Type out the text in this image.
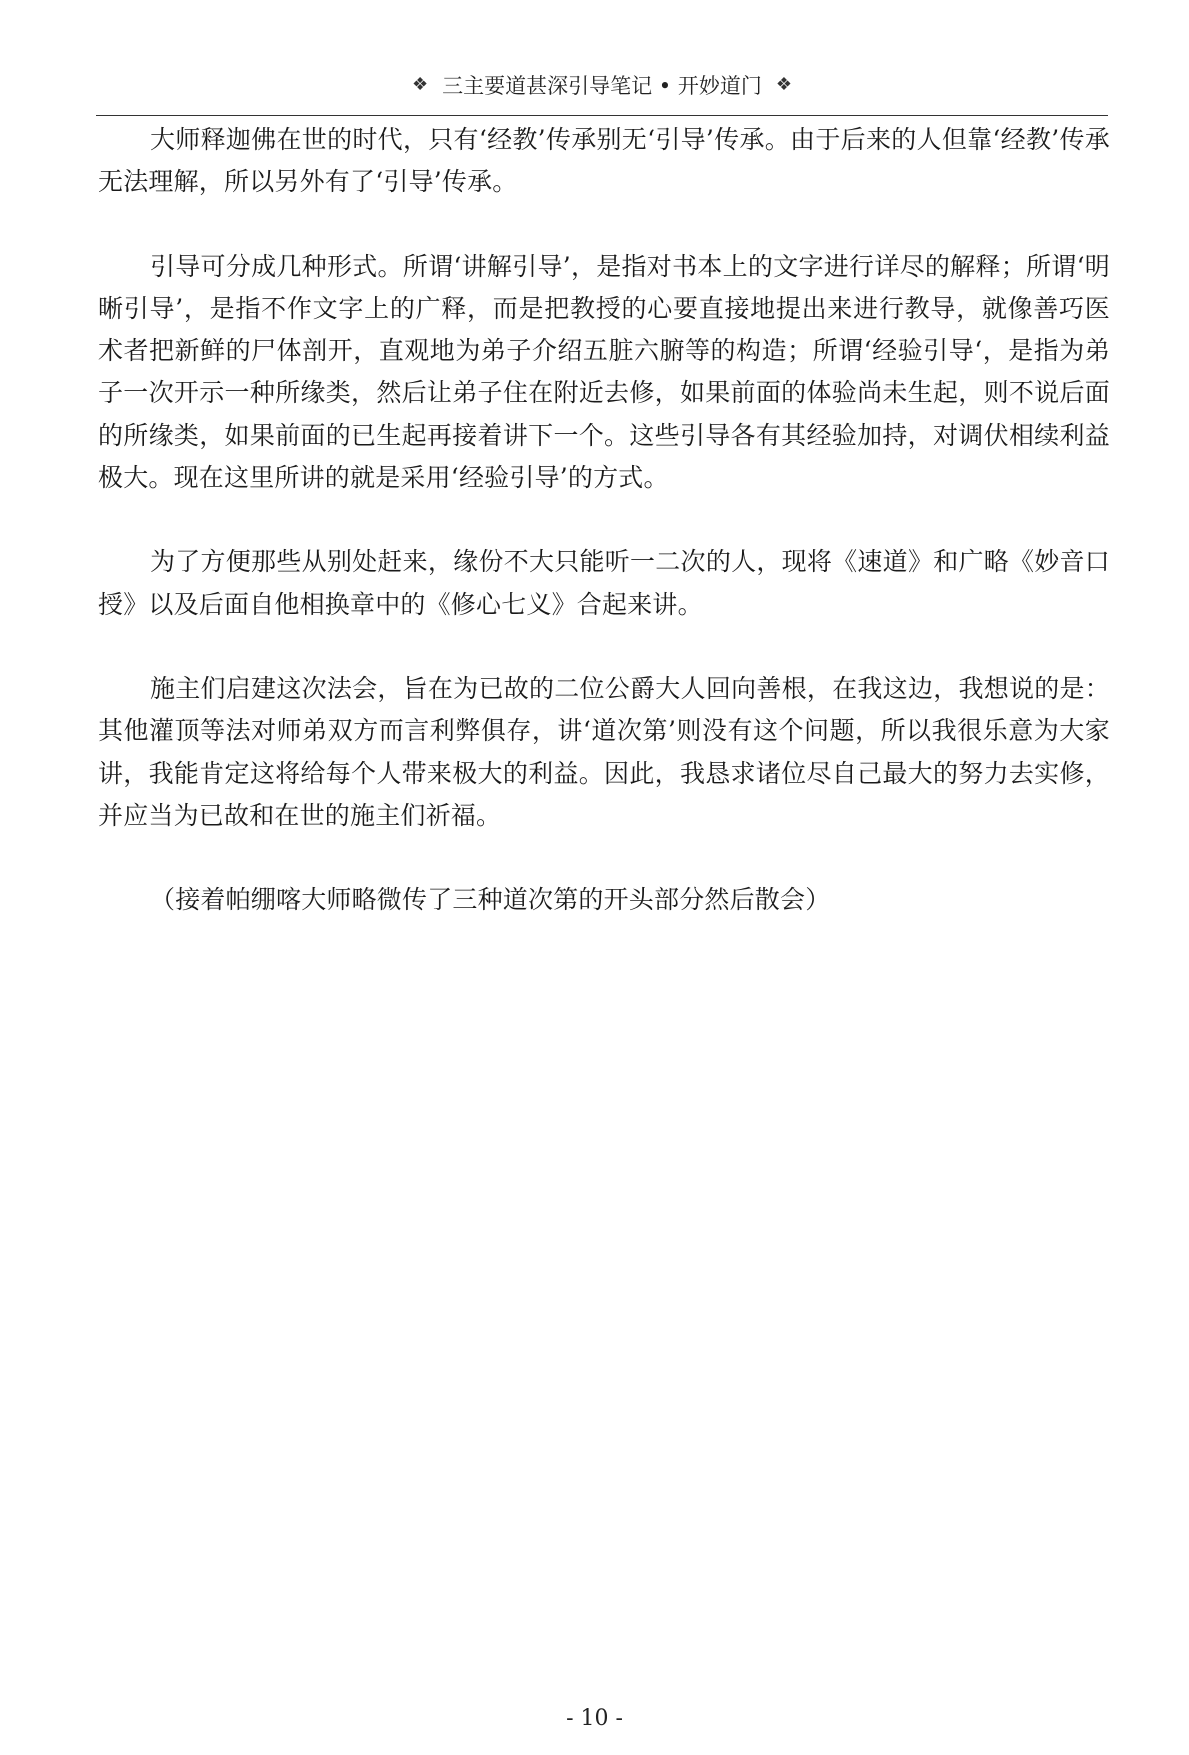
❖ 三主要道甚深引导笔记 • 开妙道门 ❖

大师释迦佛在世的时代，只有‘经教’传承别无‘引导’传承。由于后来的人但靠‘经教’传承无法理解，所以另外有了‘引导’传承。

引导可分成几种形式。所谓‘讲解引导’，是指对书本上的文字进行详尽的解释；所谓‘明晰引导’，是指不作文字上的广释，而是把教授的心要直接地提出来进行教导，就像善巧医术者把新鲜的尸体剖开，直观地为弟子介绍五脏六腑等的构造；所谓‘经验引导‘，是指为弟子一次开示一种所缘类，然后让弟子住在附近去修，如果前面的体验尚未生起，则不说后面的所缘类，如果前面的已生起再接着讲下一个。这些引导各有其经验加持，对调伏相续利益极大。现在这里所讲的就是采用‘经验引导’的方式。

为了方便那些从别处赶来，缘份不大只能听一二次的人，现将《速道》和广略《妙音口授》以及后面自他相换章中的《修心七义》合起来讲。

施主们启建这次法会，旨在为已故的二位公爵大人回向善根，在我这边，我想说的是：其他灌顶等法对师弟双方而言利弊俱存，讲‘道次第’则没有这个问题，所以我很乐意为大家讲，我能肯定这将给每个人带来极大的利益。因此，我恳求诸位尽自己最大的努力去实修，并应当为已故和在世的施主们祈福。

（接着帕绷喀大师略微传了三种道次第的开头部分然后散会）

- 10 -
